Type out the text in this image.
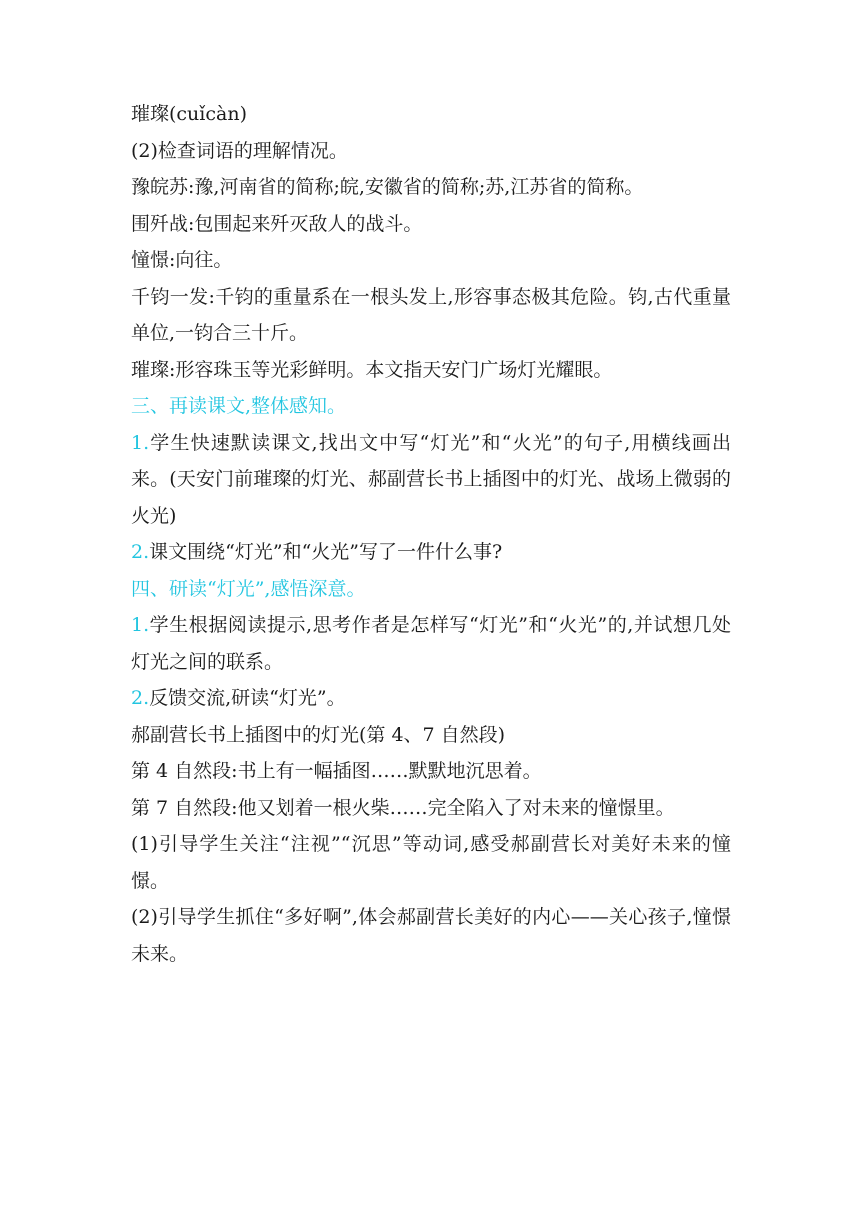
璀璨(cuǐcàn)
(2)检查词语的理解情况。
豫皖苏:豫,河南省的简称;皖,安徽省的简称;苏,江苏省的简称。
围歼战:包围起来歼灭敌人的战斗。
憧憬:向往。

千钧一发:千钧的重量系在一根头发上,形容事态极其危险。钧,古代重量单位,一钧合三十斤。

璀璨:形容珠玉等光彩鲜明。本文指天安门广场灯光耀眼。
三、再读课文,整体感知。

1.学生快速默读课文,找出文中写“灯光”和“火光”的句子,用横线画出来。(天安门前璀璨的灯光、郝副营长书上插图中的灯光、战场上微弱的火光)

2.课文围绕“灯光”和“火光”写了一件什么事?
四、研读“灯光”,感悟深意。

1.学生根据阅读提示,思考作者是怎样写“灯光”和“火光”的,并试想几处灯光之间的联系。

2.反馈交流,研读“灯光”。
郝副营长书上插图中的灯光(第 4、7 自然段)
第 4 自然段:书上有一幅插图……默默地沉思着。
第 7 自然段:他又划着一根火柴……完全陷入了对未来的憧憬里。

(1)引导学生关注“注视”“沉思”等动词,感受郝副营长对美好未来的憧憬。

(2)引导学生抓住“多好啊”,体会郝副营长美好的内心——关心孩子,憧憬未来。
